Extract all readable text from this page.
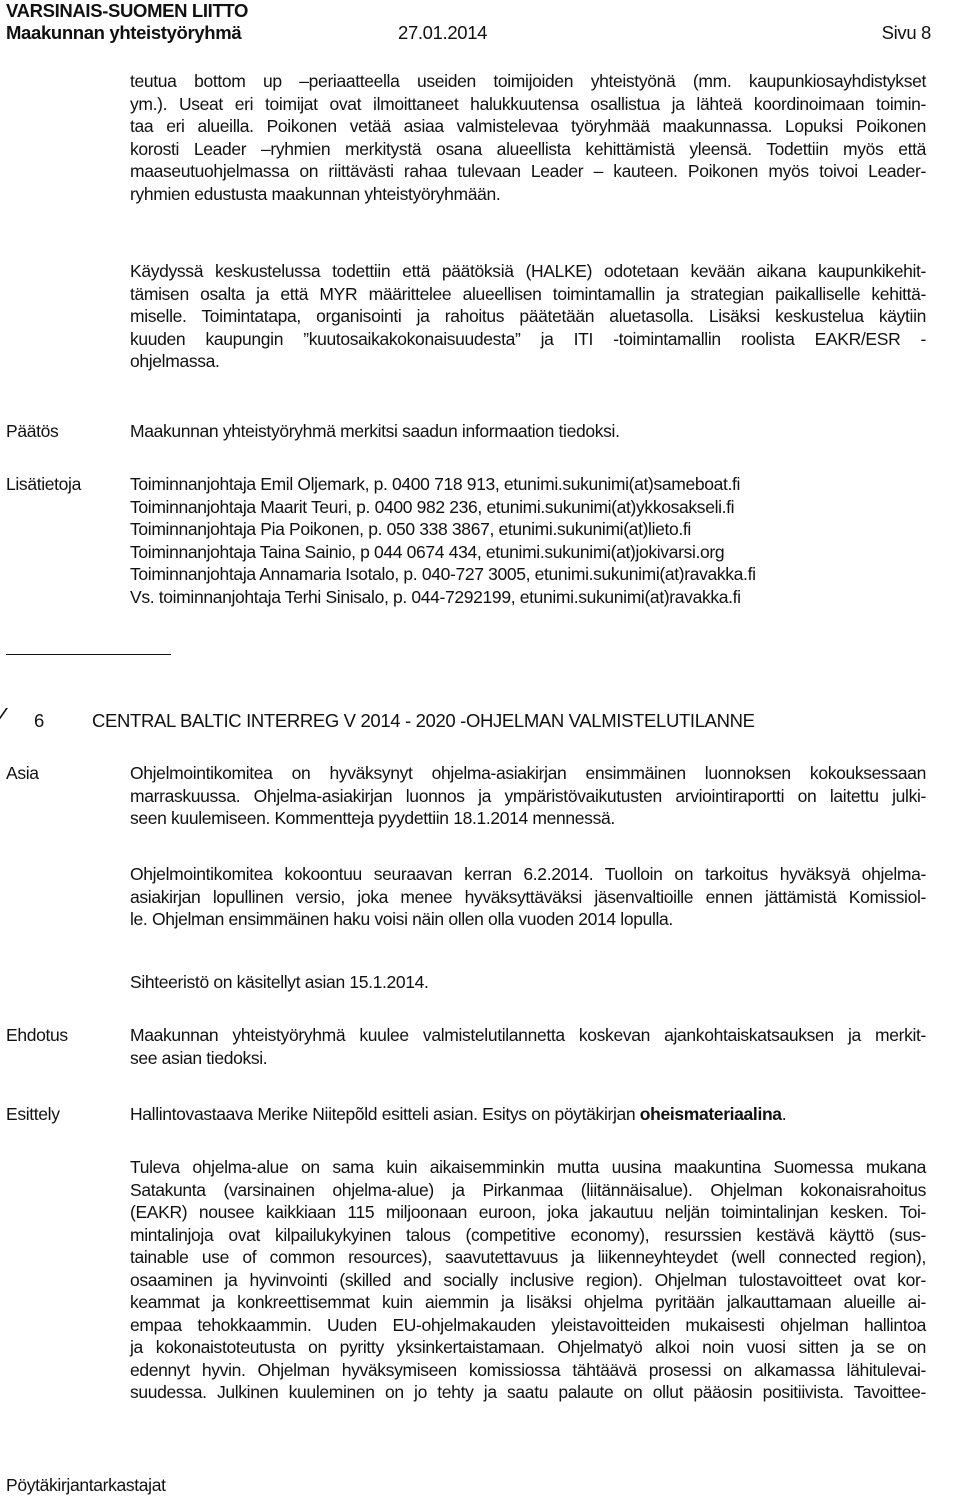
VARSINAIS-SUOMEN LIITTO
Maakunnan yhteistyöryhmä	27.01.2014	Sivu 8
teutua bottom up –periaatteella useiden toimijoiden yhteistyönä (mm. kaupunkiosayhdistykset
ym.). Useat eri toimijat ovat ilmoittaneet halukkuutensa osallistua ja lähteä koordinoimaan toimin-
taa eri alueilla. Poikonen vetää asiaa valmistelevaa työryhmää maakunnassa. Lopuksi Poikonen
korosti Leader –ryhmien merkitystä osana alueellista kehittämistä yleensä. Todettiin myös että
maaseutuohjelmassa on riittävästi rahaa tulevaan Leader – kauteen. Poikonen myös toivoi Leader-
ryhmien edustusta maakunnan yhteistyöryhmään.
Käydyssä keskustelussa todettiin että päätöksiä (HALKE) odotetaan kevään aikana kaupunkikehit-
tämisen osalta ja että MYR määrittelee alueellisen toimintamallin ja strategian paikalliselle kehittä-
miselle. Toimintatapa, organisointi ja rahoitus päätetään aluetasolla. Lisäksi keskustelua käytiin
kuuden kaupungin ”kuutosaikakokonaisuudesta” ja ITI -toimintamallin roolista EAKR/ESR -
ohjelmassa.
Päätös	Maakunnan yhteistyöryhmä merkitsi saadun informaation tiedoksi.
Lisätietoja	Toiminnanjohtaja Emil Oljemark, p. 0400 718 913, etunimi.sukunimi(at)sameboat.fi
Toiminnanjohtaja Maarit Teuri, p. 0400 982 236, etunimi.sukunimi(at)ykkosakseli.fi
Toiminnanjohtaja Pia Poikonen, p. 050 338 3867, etunimi.sukunimi(at)lieto.fi
Toiminnanjohtaja Taina Sainio, p 044 0674 434, etunimi.sukunimi(at)jokivarsi.org
Toiminnanjohtaja Annamaria Isotalo, p. 040-727 3005, etunimi.sukunimi(at)ravakka.fi
Vs. toiminnanjohtaja Terhi Sinisalo, p. 044-7292199, etunimi.sukunimi(at)ravakka.fi
6	CENTRAL BALTIC INTERREG V 2014 - 2020 -OHJELMAN VALMISTELUTILANNE
Asia	Ohjelmointikomitea on hyväksynyt ohjelma-asiakirjan ensimmäinen luonnoksen kokouksessaan
marraskuussa. Ohjelma-asiakirjan luonnos ja ympäristövaikutusten arviointiraportti on laitettu julki-
seen kuulemiseen. Kommentteja pyydettiin 18.1.2014 mennessä.
Ohjelmointikomitea kokoontuu seuraavan kerran 6.2.2014. Tuolloin on tarkoitus hyväksyä ohjelma-
asiakirjan lopullinen versio, joka menee hyväksyttäväksi jäsenvaltioille ennen jättämistä Komissiol-
le. Ohjelman ensimmäinen haku voisi näin ollen olla vuoden 2014 lopulla.
Sihteeristö on käsitellyt asian 15.1.2014.
Ehdotus	Maakunnan yhteistyöryhmä kuulee valmistelutilannetta koskevan ajankohtaiskatsauksen ja merkit-
see asian tiedoksi.
Esittely	Hallintovastaava Merike Niitepõld esitteli asian. Esitys on pöytäkirjan oheismateriaalina.
Tuleva ohjelma-alue on sama kuin aikaisemminkin mutta uusina maakuntina Suomessa mukana
Satakunta (varsinainen ohjelma-alue) ja Pirkanmaa (liitännäisalue). Ohjelman kokonaisrahoitus
(EAKR) nousee kaikkiaan 115 miljoonaan euroon, joka jakautuu neljän toimintalinjan kesken. Toi-
mintalinjoja ovat kilpailukykyinen talous (competitive economy), resurssien kestävä käyttö (sus-
tainable use of common resources), saavutettavuus ja liikenneyhteydet (well connected region),
osaaminen ja hyvinvointi (skilled and socially inclusive region). Ohjelman tulostavoitteet ovat kor-
keammat ja konkreettisemmat kuin aiemmin ja lisäksi ohjelma pyritään jalkauttamaan alueille ai-
empaa tehokkaammin. Uuden EU-ohjelmakauden yleistavoitteiden mukaisesti ohjelman hallintoa
ja kokonaistoteutusta on pyritty yksinkertaistamaan. Ohjelmatyö alkoi noin vuosi sitten ja se on
edennyt hyvin. Ohjelman hyväksymiseen komissiossa tähtäävä prosessi on alkamassa lähitulevai-
suudessa. Julkinen kuuleminen on jo tehty ja saatu palaute on ollut pääosin positiivista. Tavoittee-
Pöytäkirjantarkastajat
